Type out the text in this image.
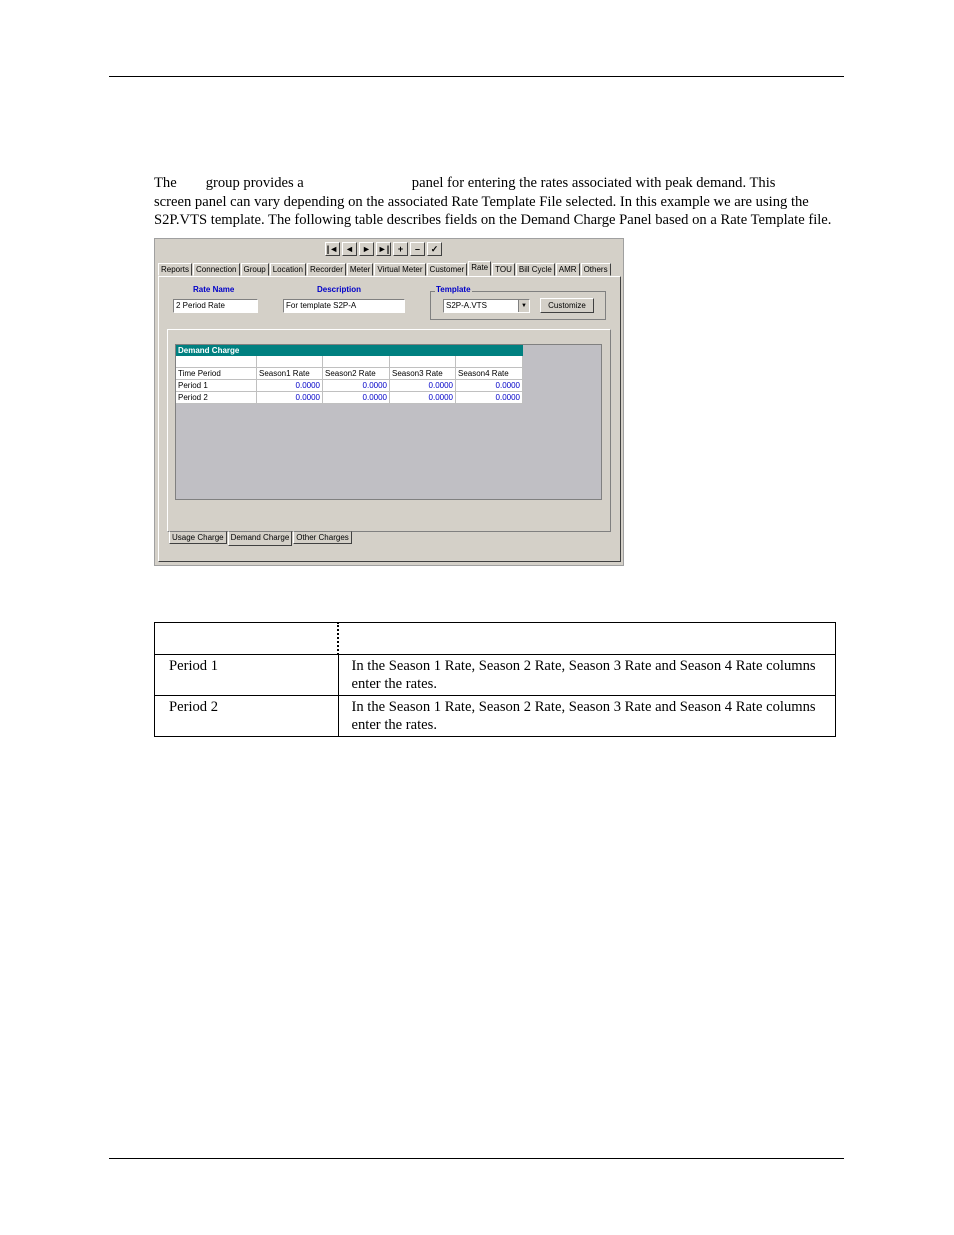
The group provides a	panel for entering the rates associated with peak demand. This

screen panel can vary depending on the associated Rate Template File selected. In this example we are using the

S2P.VTS template. The following table describes fields on the Demand Charge Panel based on a Rate Template file.

|◄ ◄ ► ►| +	–	✓
Reports Connection Group Location Recorder Meter Virtual Meter Customer Rate TOU Bill Cycle AMR Others
Rate Name
2 Period Rate
Description
For template S2P-A
Template
S2P-A.VTS	▼	Customize
Demand Charge
Time Period	Season1 Rate	Season2 Rate	Season3 Rate	Season4 Rate
Period 1	0.0000	0.0000	0.0000	0.0000
Period 2	0.0000	0.0000	0.0000	0.0000
Usage Charge Demand Charge Other Charges

Period 1	In the Season 1 Rate, Season 2 Rate, Season 3 Rate and Season 4 Rate columns enter the rates.
Period 2	In the Season 1 Rate, Season 2 Rate, Season 3 Rate and Season 4 Rate columns enter the rates.
